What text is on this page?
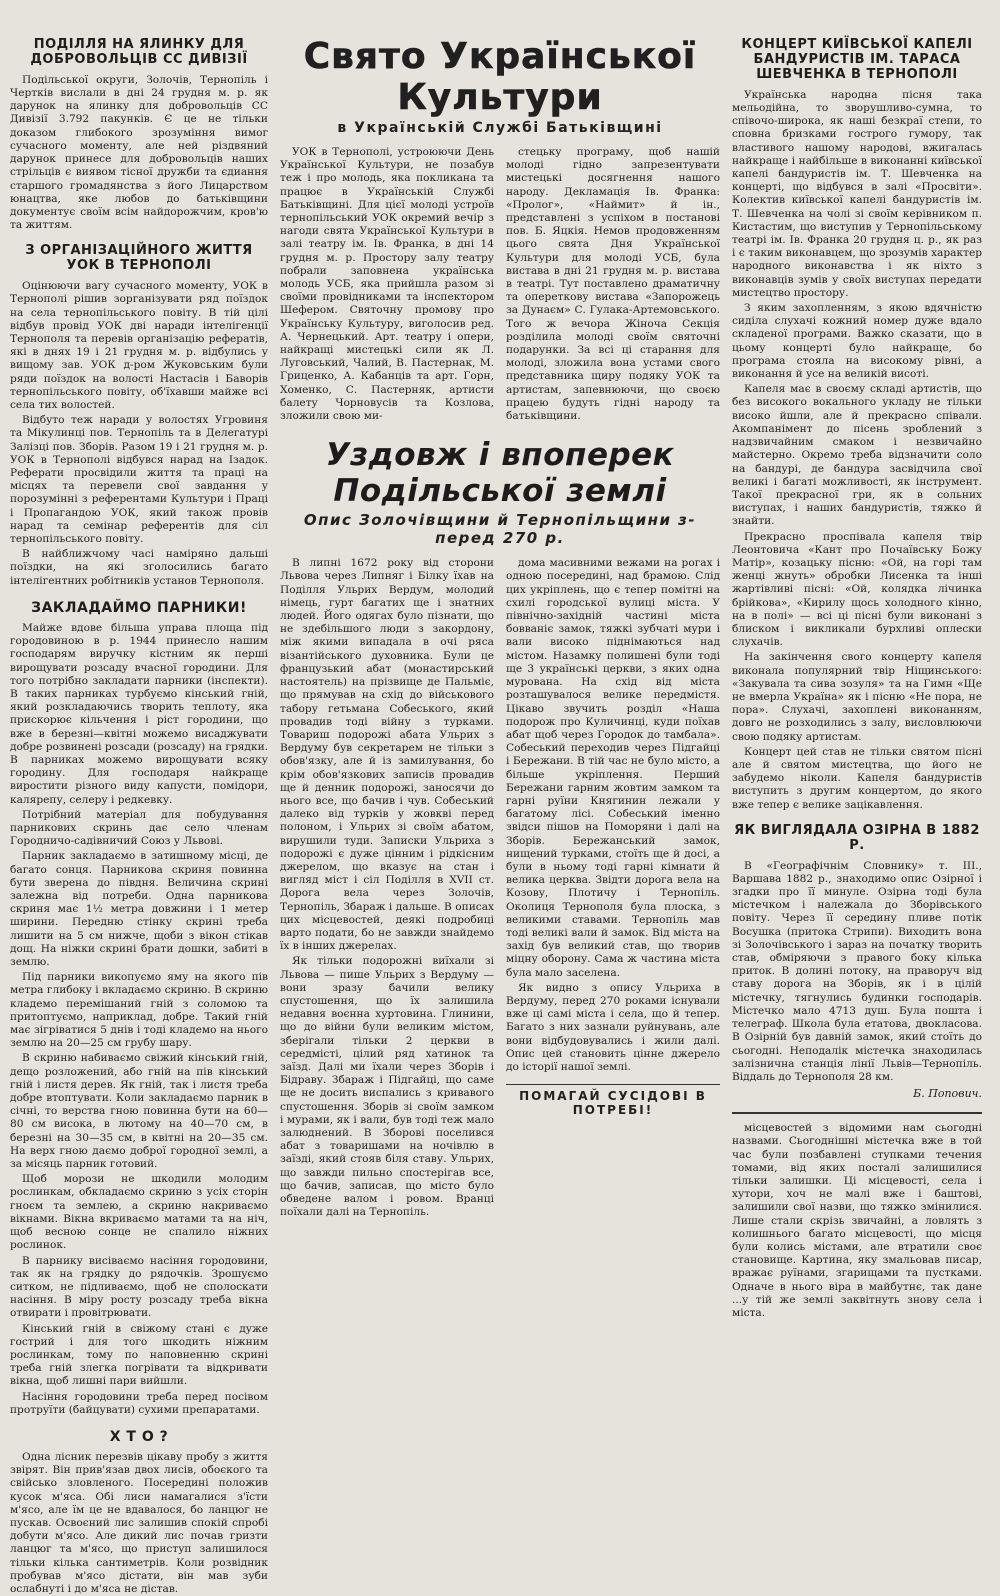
ПОДІЛЛЯ НА ЯЛИНКУ ДЛЯ ДОБРОВОЛЬЦІВ СС ДИВІЗІЇ

Подільської округи, Золочів, Тернопіль і Чертків вислали в дні 24 грудня м. р. як дарунок на ялинку для добровольців СС Дивізії 3.792 пакунків. Є це не тільки доказом глибокого зрозуміння вимог сучасного моменту, але ней різдвяний дарунок принесе для добровольців наших стрільців є виявом тісної дружби та єдиання старшого громадянства з його Лицарством юнацтва, якe любов до батьківщини документує своїм всім найдорожчим, кров'ю та життям.

З ОРГАНІЗАЦІЙНОГО ЖИТТЯ УОК В ТЕРНОПОЛІ

Оцінюючи вагу сучасного моменту, УОК в Тернополі рішив зорганізувати ряд поїздок на села тернопільського повіту. В тій цілі відбув провід УОК дві наради інтелігенції Тернополя та перевів організацію рефератів, які в днях 19 і 21 грудня м. р. відбулись у вищому зав. УОК д-ром Жуковським були ряди поїздок на волості Настасів і Баворів тернопільського повіту, об'їхавши майже всі села тих волостей.

Відбуто теж наради у волостях Угровиня та Мікулинці пов. Тернопіль та в Делегатурі Залізці пов. Зборів. Разом 19 і 21 грудня м. р. УОК в Тернополі відбувся нарад на Ізадок. Реферати просвідили життя та праці на місцях та перевели свої завдання у порозумінні з референтами Культури і Праці і Пропагандою УОК, який також провів нарад та семінар референтів для сіл тернопільського повіту.

В найближчому часі наміряно дальші поїздки, на які зголосились багато інтелігентних робітників установ Тернополя.

ЗАКЛАДАЙМО ПАРНИКИ!

Майже вдове більша управа площа під городовиною в р. 1944 принесло нашим господарям виручку кістним як перші вирощувати розсаду вчасної городини. Для того потрібно закладати парники (інспекти). В таких парниках турбуємо кінський гній, який розкладаючись творить теплоту, яка прискорює кільчення і ріст городини, що вже в березні—квітні можемо висаджувати добре розвинені розсади (розсаду) на грядки. В парниках можемо вирощувати всяку городину. Для господаря найкраще виростити різного виду капусти, помідори, калярепу, селеру і редкевку.

Потрібний матеріал для побудування парникових скринь дає село членам Городничо-садівничий Союз у Львові.

Парник закладаємо в затишному місці, де багато сонця. Парникова скриня повинна бути зверена до півдня. Величина скрині залежна від потреби. Одна парникова скриня має 1½ метра довжини і 1 метер ширини. Передню стінку скрині треба лишити на 5 см нижче, щоби з вікон стікав дощ. На ніжки скрині брати дошки, забиті в землю.

Під парники викопуємо яму на якого пів метра глибоку і вкладаємо скриню. В скриню кладемо перемішаний гній з соломою та притоптуємо, наприклад, добре. Такий гній має зігріватися 5 днів і тоді кладемо на нього землю на 20—25 см грубу шару.

В скриню набиваємо свіжий кінський гній, дещо розложений, або гній на пів кінський гній і листя дерев. Як гній, так і листя треба добре втоптувати. Коли закладаємо парник в січні, то верства гною повинна бути на 60—80 см висока, в лютому на 40—70 см, в березні на 30—35 см, в квітні на 20—35 см. На верх гною даємо доброї городної землі, а за місяць парник готовий.

Щоб морози не шкодили молодим рослинкам, обкладаємо скриню з усіх сторін гноєм та землею, а скриню накриваємо вікнами. Вікна вкриваємо матами та на ніч, щоб весною сонце не спалило ніжних рослинок.

В парнику висіваємо насіння городовини, так як на грядку до рядочків. Зрошуємо ситком, не підливаємо, щоб не сполоскати насіння. В міру росту розсаду треба вікна отвирати і провітрювати.

Кінський гній в свіжому стані є дуже гострий і для того шкодить ніжним рослинкам, тому по наповненню скрині треба гній злегка погрівати та відкривати вікна, щоб лишні пари вийшли.

Насіння городовини треба перед посівом протруїти (байцувати) сухими препаратами.

Х Т О ?

Одна лісник перезвів цікаву пробу з життя звірят. Він прив'язав двох лисів, обоєкого та свійсько зловленого. Посередині положив кусок м'яса. Обі лиси намагалися з'їсти м'ясо, але їм це не вдавалося, бо ланцюг не пускав. Освоєний лис залишив спокій спробі добути м'ясо. Але дикий лис почав гризти ланцюг та м'ясо, що приступ залишилося тільки кілька сантиметрів. Коли розвідник пробував м'ясо дістати, він мав зуби ослабнуті і до м'яса не дістав.

Свято Української Культури
в Українській Службі Батьківщині

УОК в Тернополі, устроюючи День Української Культури, не позабув теж і про молодь, яка покликана та працює в Українській Службі Батьківщині. Для цієї молоді устроїв тернопільський УОК окремий вечір з нагоди свята Української Культури в залі театру ім. Ів. Франка, в дні 14 грудня м. р. Простору залу театру побрали заповнена українська молодь УСБ, яка прийшла разом зі своїми провідниками та інспектором Шефером. Святочну промову про Українську Культуру, виголосив ред. А. Чернецький. Арт. театру і опери, найкращі мистецькі сили як Л. Луговський, Чалий, В. Пастернак, М. Гриценко, А. Кабанців та арт. Горн, Хоменко, С. Пастерняк, артисти балету Чорновусів та Козлова, зложили свою ми-

стецьку програму, щоб нашій молоді гідно запрезентувати мистецькі досягнення нашого народу. Декламація Ів. Франка: «Пролог», «Наймит» й ін., представлені з успіхом в постанові пов. Б. Яцкія. Немов продовженням цього свята Дня Української Культури для молоді УСБ, була вистава в дні 21 грудня м. р. вистава в театрі. Тут поставлено драматичну та опереткову вистава «Запорожець за Дунаєм» С. Гулака-Артемовського. Того ж вечора Жіноча Секція розділила молоді своїм святочні подарунки. За всі ці старання для молоді, зложила вона устами свого представника щиру подяку УОК та артистам, запевнюючи, що своєю працею будуть гідні народу та батьківщини.

Уздовж і впоперек Подільської землі
Опис Золочівщини й Тернопільщини з-перед 270 р.

В липні 1672 року від сторони Львова через Липняг і Білку їхав на Поділля Ульрих Вердум, молодий німець, гурт багатих ще і знатних людей. Його одягах було пізнати, що не здебільшого люди з закордону, між якими випадала в очі ряса візантійського духовника. Були це французький абат (монастирський настоятель) на прізвище де Пальміє, що прямував на схід до військового табору гетьмана Собеського, який провадив тоді війну з турками. Товариш подорожі абата Ульрих з Вердуму був секретарем не тільки з обов'язку, але й із замилування, бо крім обов'язкових записів провадив ще й денник подорожі, заносячи до нього все, що бачив і чув. Собеський далеко від турків у жовкві перед полоном, і Ульрих зі своїм абатом, вирушили туди. Записки Ульриха з подорожі є дуже цінним і рідкісним джерелом, що вказує на стан і вигляд міст і сіл Поділля в XVII ст. Дорога вела через Золочів, Тернопіль, Збараж і дальше. В описах цих місцевостей, деякі подробиці варто подати, бо не завжди знайдемо їх в інших джерелах.

Як тільки подорожні виїхали зі Львова — пише Ульрих з Вердуму — вони зразу бачили велику спустошення, що їх залишила недавня воєнна хуртовина. Глинини, що до війни були великим містом, зберігали тільки 2 церкви в середмісті, цілий ряд хатинок та заїзд. Далі ми їхали через Зборів і Бідраву. Збараж і Підгайці, що саме ще не досить виспались з кривавого спустошення. Зборів зі своїм замком і мурами, як і вали, був тоді теж мало залюднений. В Зборові поселився абат з товаришами на ночівлю в заїзді, який стояв біля ставу. Ульрих, що завжди пильно спостерігав все, що бачив, записав, що місто було обведене валом і ровом. Вранці поїхали далі на Тернопіль.

дома масивними вежами на рогах і одною посередині, над брамою. Слід цих укріплень, що є тепер помітні на схилі городської вулиці міста. У північно-західній частині міста бовваніє замок, тяжкі зубчаті мури і вали високо піднімаються над містом. Назамку полишені були тоді ще 3 українські церкви, з яких одна мурована. На схід від міста розташувалося велике передмістя. Цікаво звучить розділ «Наша подорож про Куличинці, куди поїхав абат щоб через Городок до тамбала». Собеський переходив через Підгайці і Бережани. В тій час не було місто, а більше укріплення. Перший Бережани гарним жовтим замком та гарні руїни Княгинин лежали у багатому лісі. Собеський іменно звідси пішов на Поморяни і далі на Зборів. Бережанський замок, нищений турками, стоїть ще й досі, а були в ньому тоді гарні кімнати й велика церква. Звідти дорога вела на Козову, Плотичу і Тернопіль. Околиця Тернополя була плоска, з великими ставами. Тернопіль мав тоді великі вали й замок. Від міста на захід був великий став, що творив міцну оборону. Сама ж частина міста була мало заселена.

Як видно з опису Ульриха в Вердуму, перед 270 роками існували вже ці самі міста і села, що й тепер. Багато з них зазнали руйнувань, але вони відбудовувались і жили далі. Опис цей становить цінне джерело до історії нашої землі.

ПОМАГАЙ СУСІДОВІ В ПОТРЕБІ!
КОНЦЕРТ КИЇВСЬКОЇ КАПЕЛІ БАНДУРИСТІВ ІМ. ТАРАСА ШЕВЧЕНКА В ТЕРНОПОЛІ

Українська народна пісня така мельодійна, то зворушливо-сумна, то співочо-широка, як наші безкраї степи, то сповна бризками гострого гумору, так властивого нашому народові, вжигалась найкраще і найбільше в виконанні київської капелі бандуристів ім. Т. Шевченка на концерті, що відбувся в залі «Просвіти». Колектив київської капелі бандуристів ім. Т. Шевченка на чолі зі своїм керівником п. Кистастим, що виступив у Тернопільському театрі ім. Ів. Франка 20 грудня ц. р., як раз і є таким виконавцем, що зрозумів характер народного виконавства і як ніхто з виконавців зумів у своїх виступах передати мистецтво простору.

З яким захопленням, з якою вдячністю сиділа слухачі кожний номер дуже вдало складеної програми. Важко сказати, що в цьому концерті було найкраще, бо програма стояла на високому рівні, а виконання й усе на великій висоті.

Капеля має в своєму складі артистів, що без високого вокального укладу не тільки високо йшли, але й прекрасно співали. Акомпанімент до пісень зроблений з надзвичайним смаком і незвичайно майстерно. Окремо треба відзначити соло на бандурі, де бандура засвідчила свої великі і багаті можливості, як інструмент. Такої прекрасної гри, як в сольних виступах, і наших бандуристів, тяжко й знайти.

Прекрасно проспівала капеля твір Леонтовича «Кант про Почаївську Божу Матір», козацьку пісню: «Ой, на горі там женці жнуть» обробки Лисенка та інші жартівливі пісні: «Ой, колядка лічинка брійкова», «Кирилу щось холодного кінно, на в полі» — всі ці пісні були виконані з блиском і викликали бурхливі оплески слухачів.

На закінчення свого концерту капеля виконала популярний твір Ніщинського: «Закувала та сива зозуля» та на Гимн «Ще не вмерла Україна» як і пісню «Не пора, не пора». Слухачі, захоплені виконанням, довго не розходились з залу, висловлюючи свою подяку артистам.

Концерт цей став не тільки святом пісні але й святом мистецтва, що його не забудемо ніколи. Капеля бандуристів виступить з другим концертом, до якого вже тепер є велике зацікавлення.

ЯК ВИГЛЯДАЛА ОЗІРНА В 1882 Р.

В «Географічнім Словнику» т. ІІІ., Варшава 1882 р., знаходимо опис Озірної і згадки про її минуле. Озірна тоді була містечком і належала до Зборівського повіту. Через її середину пливе потік Восушка (притока Стрипи). Виходить вона зі Золочівського і зараз на початку творить став, обміряючи з правого боку кілька приток. В долині потоку, на праворуч від ставу дорога на Зборів, як і в цілій містечку, тягнулись будинки господарів. Містечко мало 4713 душ. Була пошта і телеграф. Школа була етатова, двокласова. В Озірній був давній замок, який стоїть до сьогодні. Неподалік містечка знаходилась залізнична станція лінії Львів—Тернопіль. Віддаль до Тернополя 28 км.

Б. Попович.

місцевостей з відомими нам сьогодні назвами. Сьогоднішні містечка вже в той час були позбавлені ступками течения томами, від яких посталі залишилися тільки залишки. Ці місцевості, села і хутори, хоч не малі вже і баштові, залишили свої назви, що тяжко змінилися. Лише стали скрізь звичайні, а ловлять з колишнього багато місцевості, що місця були колись містами, але втратили своє становище. Картина, яку змальовав писар, вражає руїнами, згарищами та пустками. Одначе в нього віра в майбутнє, так дане ...у тій же землі заквітнуть знову села і міста.
